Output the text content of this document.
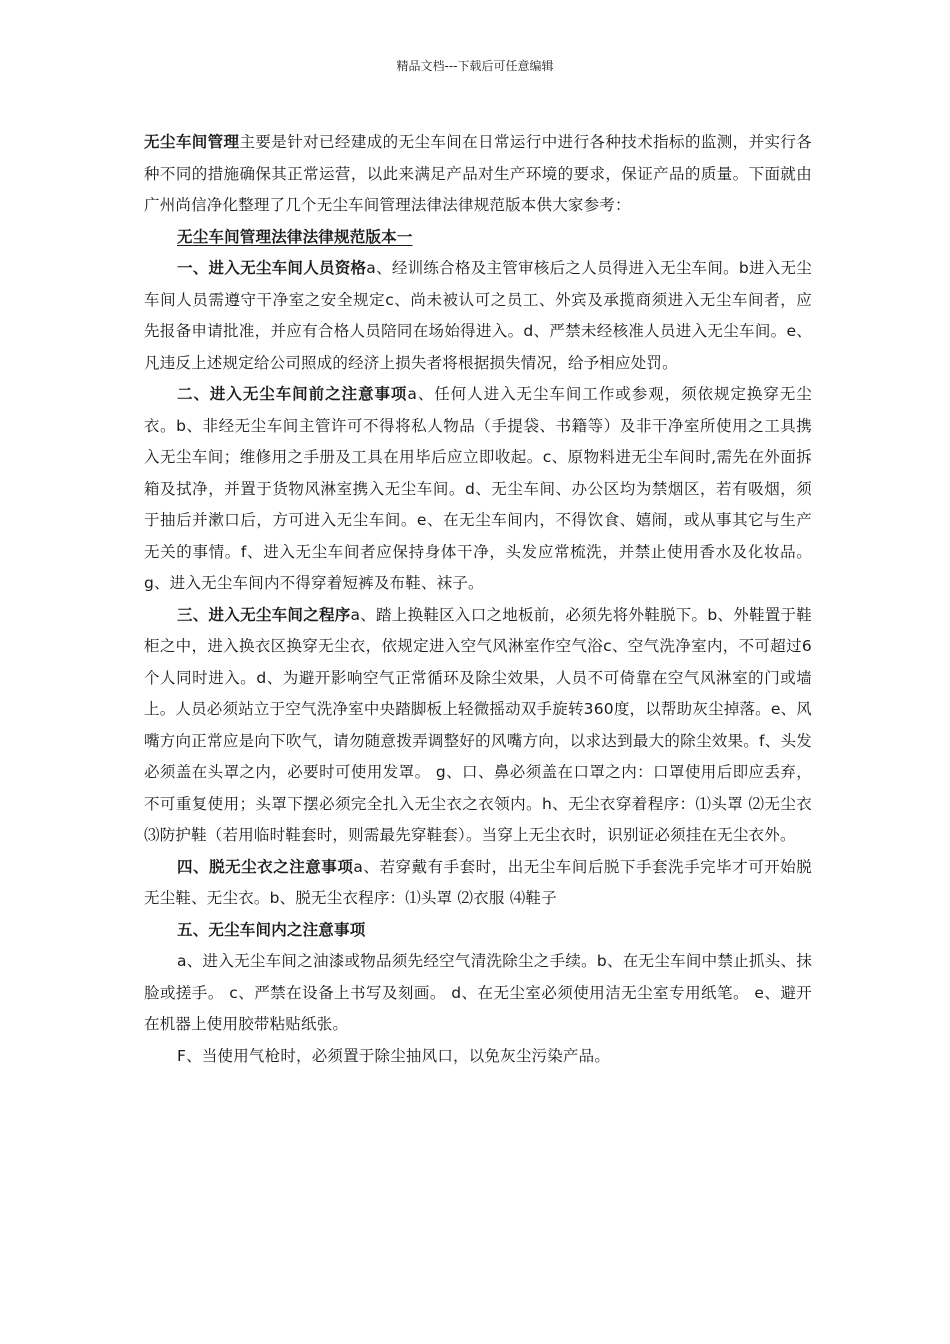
精品文档---下载后可任意编辑

无尘车间管理主要是针对已经建成的无尘车间在日常运行中进行各种技术指标的监测，并实行各种不同的措施确保其正常运营，以此来满足产品对生产环境的要求，保证产品的质量。下面就由广州尚信净化整理了几个无尘车间管理法律法律规范版本供大家参考：

无尘车间管理法律法律规范版本一

一、进入无尘车间人员资格a、经训练合格及主管审核后之人员得进入无尘车间。b进入无尘车间人员需遵守干净室之安全规定c、尚未被认可之员工、外宾及承揽商须进入无尘车间者，应先报备申请批准，并应有合格人员陪同在场始得进入。d、严禁未经核准人员进入无尘车间。e、凡违反上述规定给公司照成的经济上损失者将根据损失情况，给予相应处罚。

二、进入无尘车间前之注意事项a、任何人进入无尘车间工作或参观，须依规定换穿无尘衣。b、非经无尘车间主管许可不得将私人物品（手提袋、书籍等）及非干净室所使用之工具携入无尘车间；维修用之手册及工具在用毕后应立即收起。c、原物料进无尘车间时,需先在外面拆箱及拭净，并置于货物风淋室携入无尘车间。d、无尘车间、办公区均为禁烟区，若有吸烟，须于抽后并漱口后，方可进入无尘车间。e、在无尘车间内，不得饮食、嬉闹，或从事其它与生产无关的事情。f、进入无尘车间者应保持身体干净，头发应常梳洗，并禁止使用香水及化妆品。g、进入无尘车间内不得穿着短裤及布鞋、袜子。

三、进入无尘车间之程序a、踏上换鞋区入口之地板前，必须先将外鞋脱下。b、外鞋置于鞋柜之中，进入换衣区换穿无尘衣，依规定进入空气风淋室作空气浴c、空气洗净室内，不可超过6个人同时进入。d、为避开影响空气正常循环及除尘效果，人员不可倚靠在空气风淋室的门或墙上。人员必须站立于空气洗净室中央踏脚板上轻微摇动双手旋转360度，以帮助灰尘掉落。e、风嘴方向正常应是向下吹气，请勿随意拨弄调整好的风嘴方向，以求达到最大的除尘效果。f、头发必须盖在头罩之内，必要时可使用发罩。 g、口、鼻必须盖在口罩之内：口罩使用后即应丢弃，不可重复使用；头罩下摆必须完全扎入无尘衣之衣领内。h、无尘衣穿着程序：⑴头罩 ⑵无尘衣 ⑶防护鞋（若用临时鞋套时，则需最先穿鞋套）。当穿上无尘衣时，识别证必须挂在无尘衣外。

四、脱无尘衣之注意事项a、若穿戴有手套时，出无尘车间后脱下手套洗手完毕才可开始脱无尘鞋、无尘衣。b、脱无尘衣程序：⑴头罩 ⑵衣服 ⑷鞋子

五、无尘车间内之注意事项

a、进入无尘车间之油漆或物品须先经空气清洗除尘之手续。b、在无尘车间中禁止抓头、抹脸或搓手。 c、严禁在设备上书写及刻画。 d、在无尘室必须使用洁无尘室专用纸笔。 e、避开在机器上使用胶带粘贴纸张。

F、当使用气枪时，必须置于除尘抽风口，以免灰尘污染产品。
